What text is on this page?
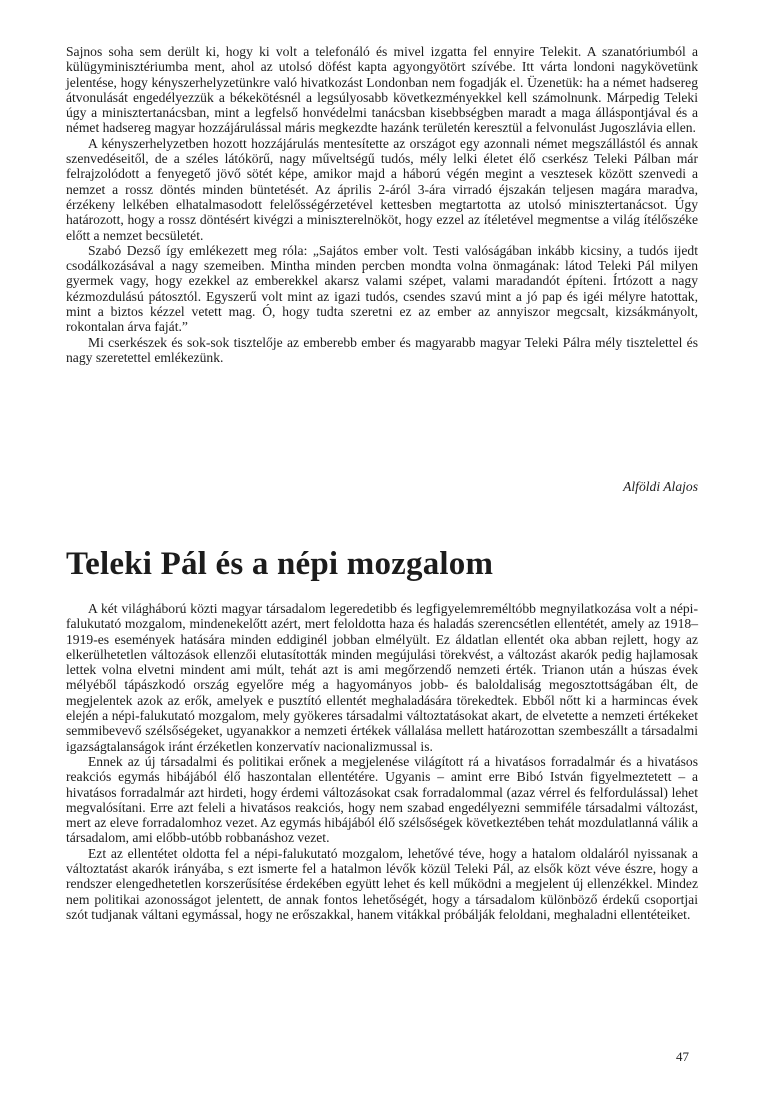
Sajnos soha sem derült ki, hogy ki volt a telefonáló és mivel izgatta fel ennyire Telekit. A szanatóriumból a külügyminisztériumba ment, ahol az utolsó döfést kapta agyongyötört szívébe. Itt várta londoni nagykövetünk jelentése, hogy kényszerhelyzetünkre való hivatkozást Londonban nem fogadják el. Üzenetük: ha a német hadsereg átvonulását engedélyezzük a békekötésnél a legsúlyosabb következményekkel kell számolnunk. Márpedig Teleki úgy a minisztertanácsban, mint a legfelső honvédelmi tanácsban kisebbségben maradt a maga álláspontjával és a német hadsereg magyar hozzájárulással máris megkezdte hazánk területén keresztül a felvonulást Jugoszlávia ellen.

A kényszerhelyzetben hozott hozzájárulás mentesítette az országot egy azonnali német megszállástól és annak szenvedéseitől, de a széles látókörű, nagy műveltségű tudós, mély lelki életet élő cserkész Teleki Pálban már felrajzolódott a fenyegető jövő sötét képe, amikor majd a háború végén megint a vesztesek között szenvedi a nemzet a rossz döntés minden büntetését. Az április 2-áról 3-ára virradó éjszakán teljesen magára maradva, érzékeny lelkében elhatalmasodott felelősségérzetével kettesben megtartotta az utolsó minisztertanácsot. Úgy határozott, hogy a rossz döntésért kivégzi a miniszterelnököt, hogy ezzel az ítéletével megmentse a világ ítélőszéke előtt a nemzet becsületét.

Szabó Dezső így emlékezett meg róla: „Sajátos ember volt. Testi valóságában inkább kicsiny, a tudós ijedt csodálkozásával a nagy szemeiben. Mintha minden percben mondta volna önmagának: látod Teleki Pál milyen gyermek vagy, hogy ezekkel az emberekkel akarsz valami szépet, valami maradandót építeni. Írtózott a nagy kézmozdulású pátosztól. Egyszerű volt mint az igazi tudós, csendes szavú mint a jó pap és igéi mélyre hatottak, mint a biztos kézzel vetett mag. Ó, hogy tudta szeretni ez az ember az annyiszor megcsalt, kizsákmányolt, rokontalan árva faját.”

Mi cserkészek és sok-sok tisztelője az emberebb ember és magyarabb magyar Teleki Pálra mély tisztelettel és nagy szeretettel emlékezünk.

Alföldi Alajos

Teleki Pál és a népi mozgalom

A két világháború közti magyar társadalom legeredetibb és legfigyelemreméltóbb megnyilatkozása volt a népi-falukutató mozgalom, mindenekelőtt azért, mert feloldotta haza és haladás szerencsétlen ellentétét, amely az 1918–1919-es események hatására minden eddiginél jobban elmélyült. Ez áldatlan ellentét oka abban rejlett, hogy az elkerülhetetlen változások ellenzői elutasították minden megújulási törekvést, a változást akarók pedig hajlamosak lettek volna elvetni mindent ami múlt, tehát azt is ami megőrzendő nemzeti érték. Trianon után a húszas évek mélyéből tápászkodó ország egyelőre még a hagyományos jobb- és baloldaliság megosztottságában élt, de megjelentek azok az erők, amelyek e pusztító ellentét meghaladására törekedtek. Ebből nőtt ki a harmincas évek elején a népi-falukutató mozgalom, mely gyökeres társadalmi változtatásokat akart, de elvetette a nemzeti értékeket semmibevevő szélsőségeket, ugyanakkor a nemzeti értékek vállalása mellett határozottan szembeszállt a társadalmi igazságtalanságok iránt érzéketlen konzervatív nacionalizmussal is.

Ennek az új társadalmi és politikai erőnek a megjelenése világított rá a hivatásos forradalmár és a hivatásos reakciós egymás hibájából élő haszontalan ellentétére. Ugyanis – amint erre Bibó István figyelmeztetett – a hivatásos forradalmár azt hirdeti, hogy érdemi változásokat csak forradalommal (azaz vérrel és felfordulással) lehet megvalósítani. Erre azt feleli a hivatásos reakciós, hogy nem szabad engedélyezni semmiféle társadalmi változást, mert az eleve forradalomhoz vezet. Az egymás hibájából élő szélsőségek következtében tehát mozdulatlanná válik a társadalom, ami előbb-utóbb robbanáshoz vezet.

Ezt az ellentétet oldotta fel a népi-falukutató mozgalom, lehetővé téve, hogy a hatalom oldaláról nyissanak a változtatást akarók irányába, s ezt ismerte fel a hatalmon lévők közül Teleki Pál, az elsők közt véve észre, hogy a rendszer elengedhetetlen korszerűsítése érdekében együtt lehet és kell működni a megjelent új ellenzékkel. Mindez nem politikai azonosságot jelentett, de annak fontos lehetőségét, hogy a társadalom különböző érdekű csoportjai szót tudjanak váltani egymással, hogy ne erőszakkal, hanem vitákkal próbálják feloldani, meghaladni ellentéteiket.

47
